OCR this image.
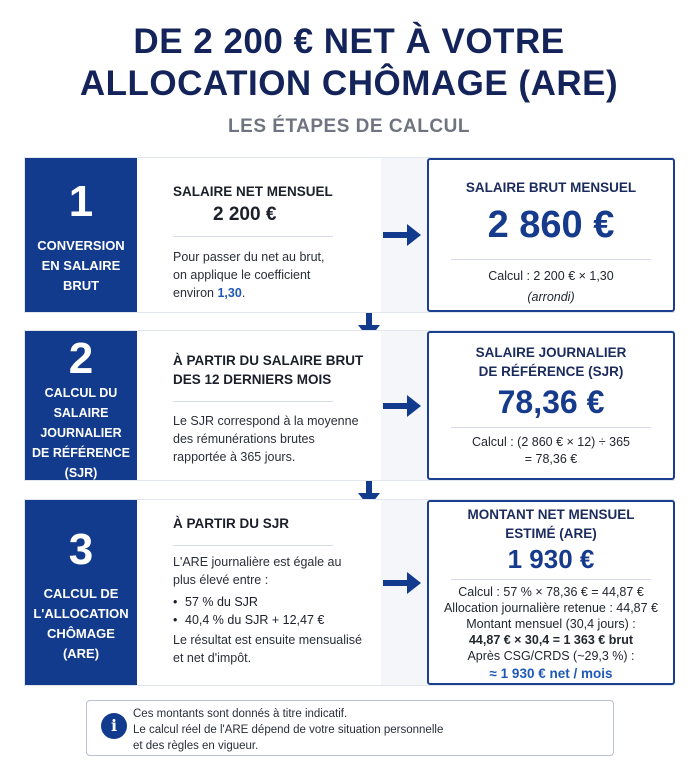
DE 2 200 € NET À VOTRE
ALLOCATION CHÔMAGE (ARE)
LES ÉTAPES DE CALCUL
1
CONVERSION
EN SALAIRE
BRUT
SALAIRE NET MENSUEL
2 200 €
Pour passer du net au brut,
on applique le coefficient
environ 1,30.
SALAIRE BRUT MENSUEL
2 860 €
Calcul : 2 200 € × 1,30
(arrondi)
2
CALCUL DU
SALAIRE
JOURNALIER
DE RÉFÉRENCE
(SJR)
À PARTIR DU SALAIRE BRUT
DES 12 DERNIERS MOIS
Le SJR correspond à la moyenne
des rémunérations brutes
rapportée à 365 jours.
SALAIRE JOURNALIER
DE RÉFÉRENCE (SJR)
78,36 €
Calcul : (2 860 € × 12) ÷ 365
= 78,36 €
3
CALCUL DE
L'ALLOCATION
CHÔMAGE
(ARE)
À PARTIR DU SJR
L'ARE journalière est égale au
plus élevé entre :
• 57 % du SJR
• 40,4 % du SJR + 12,47 €
Le résultat est ensuite mensualisé
et net d'impôt.
MONTANT NET MENSUEL
ESTIMÉ (ARE)
1 930 €
Calcul : 57 % × 78,36 € = 44,87 €
Allocation journalière retenue : 44,87 €
Montant mensuel (30,4 jours) :
44,87 € × 30,4 = 1 363 € brut
Après CSG/CRDS (~29,3 %) :
≈ 1 930 € net / mois
i
Ces montants sont donnés à titre indicatif.
Le calcul réel de l'ARE dépend de votre situation personnelle
et des règles en vigueur.
